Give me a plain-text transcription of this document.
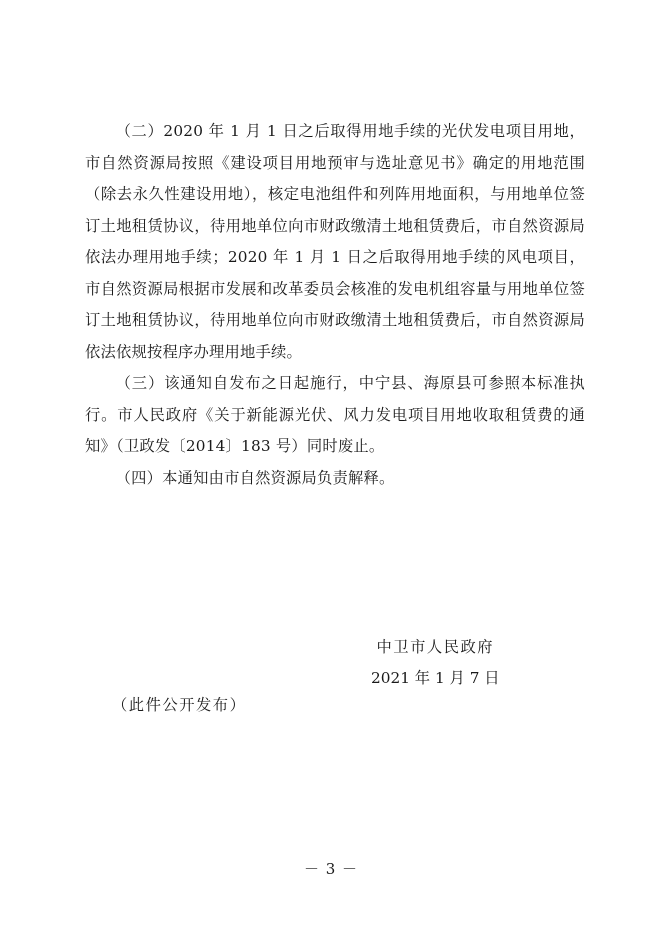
（二）2020 年 1 月 1 日之后取得用地手续的光伏发电项目用地，市自然资源局按照《建设项目用地预审与选址意见书》确定的用地范围（除去永久性建设用地），核定电池组件和列阵用地面积，与用地单位签订土地租赁协议，待用地单位向市财政缴清土地租赁费后，市自然资源局依法办理用地手续；2020 年 1 月 1 日之后取得用地手续的风电项目，市自然资源局根据市发展和改革委员会核准的发电机组容量与用地单位签订土地租赁协议，待用地单位向市财政缴清土地租赁费后，市自然资源局依法依规按程序办理用地手续。

（三）该通知自发布之日起施行，中宁县、海原县可参照本标准执行。市人民政府《关于新能源光伏、风力发电项目用地收取租赁费的通知》（卫政发〔2014〕183 号）同时废止。

（四）本通知由市自然资源局负责解释。

中卫市人民政府
2021 年 1 月 7 日
（此件公开发布）
－ 3 －
